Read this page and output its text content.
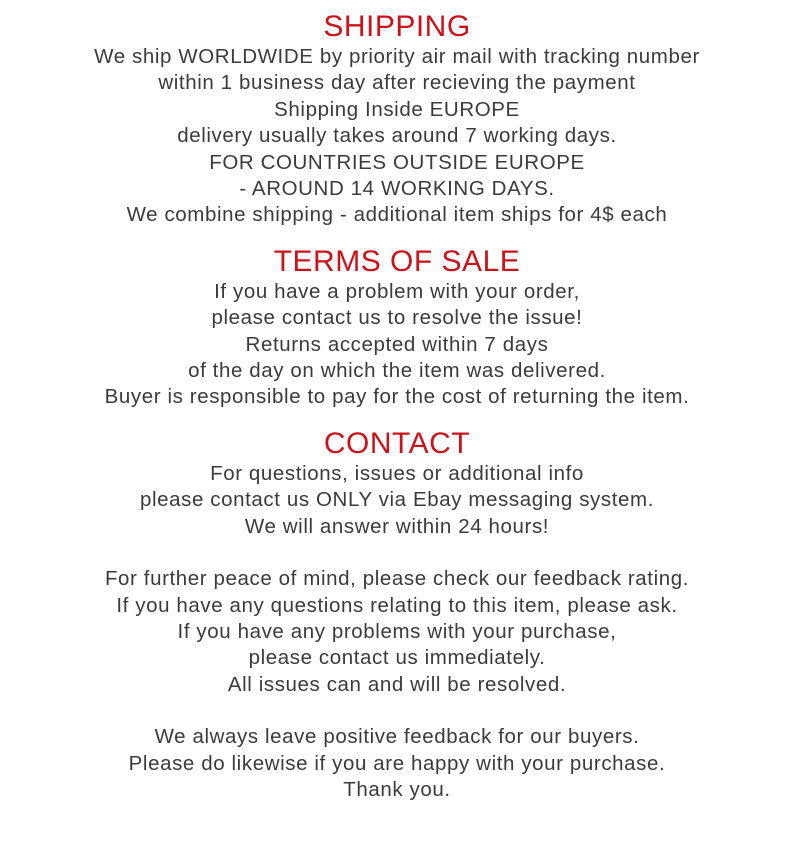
SHIPPING

We ship WORLDWIDE by priority air mail with tracking number

within 1 business day after recieving the payment

Shipping Inside EUROPE

delivery usually takes around 7 working days.

FOR COUNTRIES OUTSIDE EUROPE

- AROUND 14 WORKING DAYS.

We combine shipping - additional item ships for 4$ each

TERMS OF SALE

If you have a problem with your order,

please contact us to resolve the issue!

Returns accepted within 7 days

of the day on which the item was delivered.

Buyer is responsible to pay for the cost of returning the item.

CONTACT

For questions, issues or additional info

please contact us ONLY via Ebay messaging system.

We will answer within 24 hours!

For further peace of mind, please check our feedback rating.

If you have any questions relating to this item, please ask.

If you have any problems with your purchase,

please contact us immediately.

All issues can and will be resolved.

We always leave positive feedback for our buyers.

Please do likewise if you are happy with your purchase.

Thank you.
